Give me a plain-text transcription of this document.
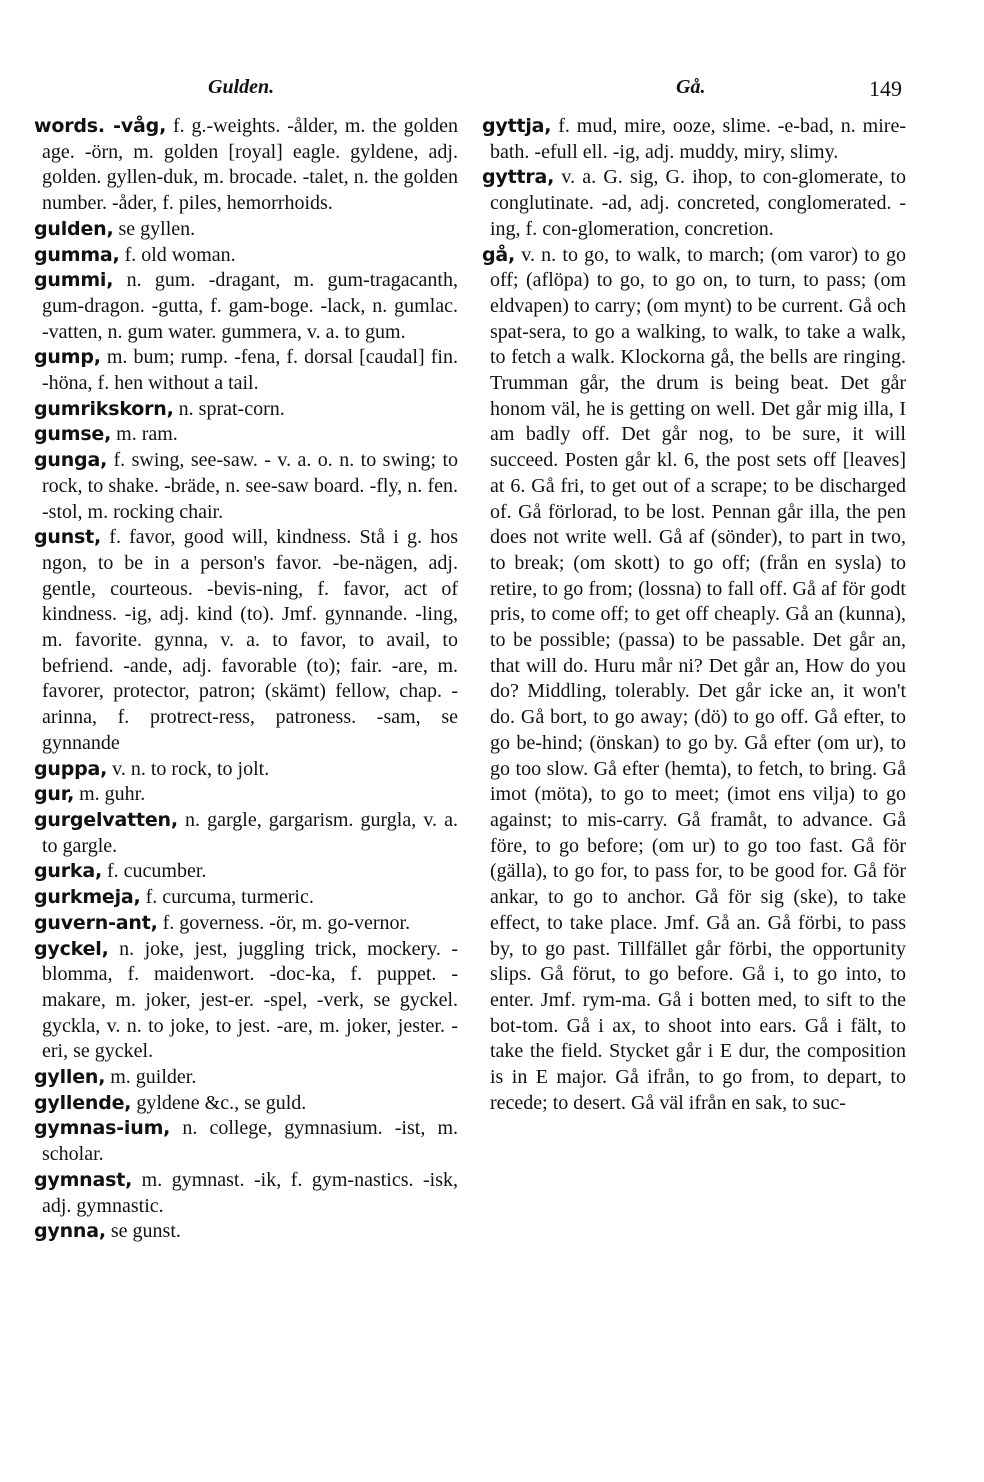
Gulden.	Gå.	149

words. -våg, f. g.-weights. -ålder, m. the golden age. -örn, m. golden [royal] eagle. gyldene, adj. golden. gyllen-duk, m. brocade. -talet, n. the golden number. -åder, f. piles, hemorrhoids.

gulden, se gyllen.

gumma, f. old woman.

gummi, n. gum. -dragant, m. gum-tragacanth, gum-dragon. -gutta, f. gam-boge. -lack, n. gumlac. -vatten, n. gum water. gummera, v. a. to gum.

gump, m. bum; rump. -fena, f. dorsal [caudal] fin. -höna, f. hen without a tail.

gumrikskorn, n. sprat-corn.

gumse, m. ram.

gunga, f. swing, see-saw. - v. a. o. n. to swing; to rock, to shake. -bräde, n. see-saw board. -fly, n. fen. -stol, m. rocking chair.

gunst, f. favor, good will, kindness. Stå i g. hos ngon, to be in a person's favor. -be-nägen, adj. gentle, courteous. -bevis-ning, f. favor, act of kindness. -ig, adj. kind (to). Jmf. gynnande. -ling, m. favorite. gynna, v. a. to favor, to avail, to befriend. -ande, adj. favorable (to); fair. -are, m. favorer, protector, patron; (skämt) fellow, chap. -arinna, f. protrect-ress, patroness. -sam, se gynnande

guppa, v. n. to rock, to jolt.

gur, m. guhr.

gurgelvatten, n. gargle, gargarism. gurgla, v. a. to gargle.

gurka, f. cucumber.

gurkmeja, f. curcuma, turmeric.

guvern-ant, f. governess. -ör, m. go-vernor.

gyckel, n. joke, jest, juggling trick, mockery. -blomma, f. maidenwort. -doc-ka, f. puppet. -makare, m. joker, jest-er. -spel, -verk, se gyckel. gyckla, v. n. to joke, to jest. -are, m. joker, jester. -eri, se gyckel.

gyllen, m. guilder.

gyllende, gyldene &c., se guld.

gymnas-ium, n. college, gymnasium. -ist, m. scholar.

gymnast, m. gymnast. -ik, f. gym-nastics. -isk, adj. gymnastic.

gynna, se gunst.

gyttja, f. mud, mire, ooze, slime. -e-bad, n. mire-bath. -efull ell. -ig, adj. muddy, miry, slimy.

gyttra, v. a. G. sig, G. ihop, to con-glomerate, to conglutinate. -ad, adj. concreted, conglomerated. -ing, f. con-glomeration, concretion.

gå, v. n. to go, to walk, to march; (om varor) to go off; (aflöpa) to go, to go on, to turn, to pass; (om eldvapen) to carry; (om mynt) to be current. Gå och spat-sera, to go a walking, to walk, to take a walk, to fetch a walk. Klockorna gå, the bells are ringing. Trumman går, the drum is being beat. Det går honom väl, he is getting on well. Det går mig illa, I am badly off. Det går nog, to be sure, it will succeed. Posten går kl. 6, the post sets off [leaves] at 6. Gå fri, to get out of a scrape; to be discharged of. Gå förlorad, to be lost. Pennan går illa, the pen does not write well. Gå af (sönder), to part in two, to break; (om skott) to go off; (från en sysla) to retire, to go from; (lossna) to fall off. Gå af för godt pris, to come off; to get off cheaply. Gå an (kunna), to be possible; (passa) to be passable. Det går an, that will do. Huru mår ni? Det går an, How do you do? Middling, tolerably. Det går icke an, it won't do. Gå bort, to go away; (dö) to go off. Gå efter, to go be-hind; (önskan) to go by. Gå efter (om ur), to go too slow. Gå efter (hemta), to fetch, to bring. Gå imot (möta), to go to meet; (imot ens vilja) to go against; to mis-carry. Gå framåt, to advance. Gå före, to go before; (om ur) to go too fast. Gå för (gälla), to go for, to pass for, to be good for. Gå för ankar, to go to anchor. Gå för sig (ske), to take effect, to take place. Jmf. Gå an. Gå förbi, to pass by, to go past. Tillfället går förbi, the opportunity slips. Gå förut, to go before. Gå i, to go into, to enter. Jmf. rym-ma. Gå i botten med, to sift to the bot-tom. Gå i ax, to shoot into ears. Gå i fält, to take the field. Stycket går i E dur, the composition is in E major. Gå ifrån, to go from, to depart, to recede; to desert. Gå väl ifrån en sak, to suc-
